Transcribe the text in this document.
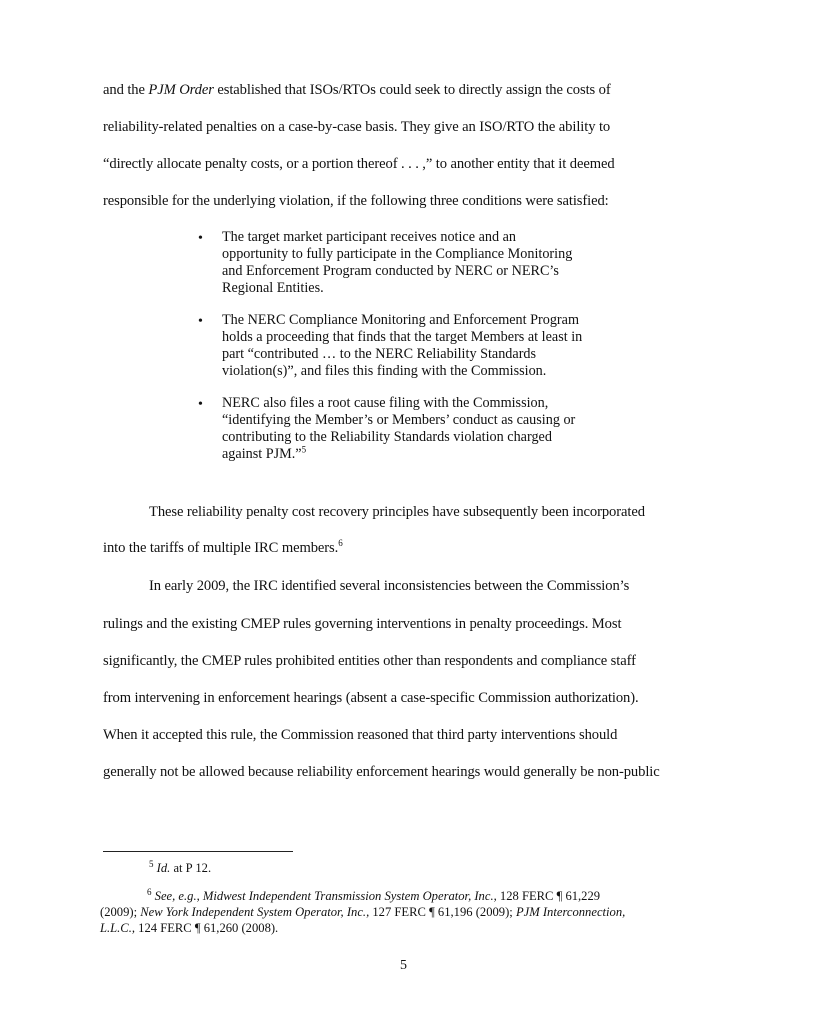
and the PJM Order established that ISOs/RTOs could seek to directly assign the costs of
reliability-related penalties on a case-by-case basis. They give an ISO/RTO the ability to
“directly allocate penalty costs, or a portion thereof . . . ,” to another entity that it deemed
responsible for the underlying violation, if the following three conditions were satisfied:
• The target market participant receives notice and an
opportunity to fully participate in the Compliance Monitoring
and Enforcement Program conducted by NERC or NERC’s
Regional Entities.
• The NERC Compliance Monitoring and Enforcement Program
holds a proceeding that finds that the target Members at least in
part “contributed … to the NERC Reliability Standards
violation(s)”, and files this finding with the Commission.
• NERC also files a root cause filing with the Commission,
“identifying the Member’s or Members’ conduct as causing or
contributing to the Reliability Standards violation charged
against PJM.”$^5$
These reliability penalty cost recovery principles have subsequently been incorporated
into the tariffs of multiple IRC members.$^6$
In early 2009, the IRC identified several inconsistencies between the Commission’s
rulings and the existing CMEP rules governing interventions in penalty proceedings. Most
significantly, the CMEP rules prohibited entities other than respondents and compliance staff
from intervening in enforcement hearings (absent a case-specific Commission authorization).
When it accepted this rule, the Commission reasoned that third party interventions should
generally not be allowed because reliability enforcement hearings would generally be non-public
$^5$ Id. at P 12.
$^6$ See, e.g., Midwest Independent Transmission System Operator, Inc., 128 FERC ¶ 61,229
(2009); New York Independent System Operator, Inc., 127 FERC ¶ 61,196 (2009); PJM Interconnection,
L.L.C., 124 FERC ¶ 61,260 (2008).
5
